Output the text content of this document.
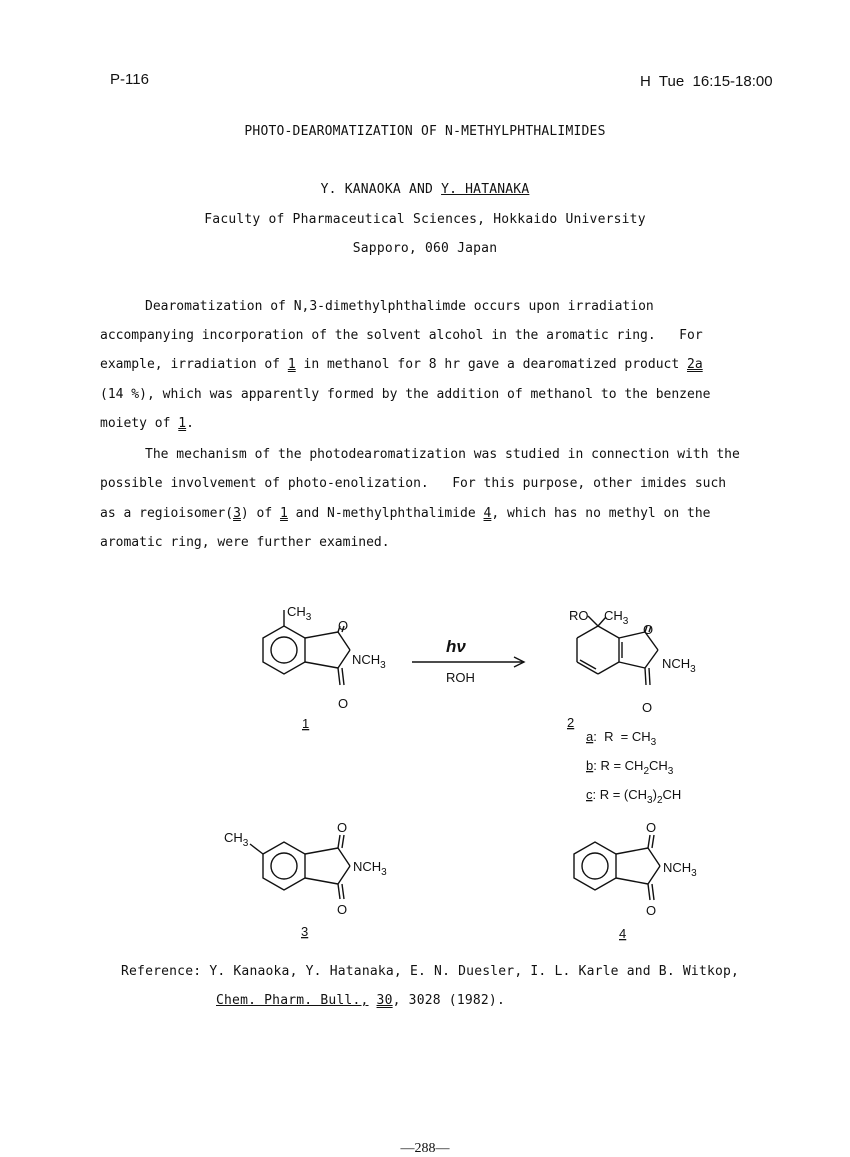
P-116	H  Tue  16:15-18:00
PHOTO-DEAROMATIZATION OF N-METHYLPHTHALIMIDES
Y. KANAOKA AND Y. HATANAKA
Faculty of Pharmaceutical Sciences, Hokkaido University
Sapporo, 060 Japan
Dearomatization of N,3-dimethylphthalimde occurs upon irradiation
accompanying incorporation of the solvent alcohol in the aromatic ring.   For
example, irradiation of 1 in methanol for 8 hr gave a dearomatized product 2a
(14 %), which was apparently formed by the addition of methanol to the benzene
moiety of 1.
The mechanism of the photodearomatization was studied in connection with the
possible involvement of photo-enolization.   For this purpose, other imides such
as a regioisomer(3) of 1 and N-methylphthalimide 4, which has no methyl on the
aromatic ring, were further examined.
$CH_3$
O
O
$NCH_3$
1
hν
ROH
RO $CH_3$
O
O
$NCH_3$
2
a:  $R = CH_3$
b: $R = CH_2CH_3$
c: $R = (CH_3)_2CH$
$CH_3$
O
O
$NCH_3$
3
O
O
$NCH_3$
4
Reference: Y. Kanaoka, Y. Hatanaka, E. N. Duesler, I. L. Karle and B. Witkop,
Chem. Pharm. Bull., 30, 3028 (1982).
—288—
